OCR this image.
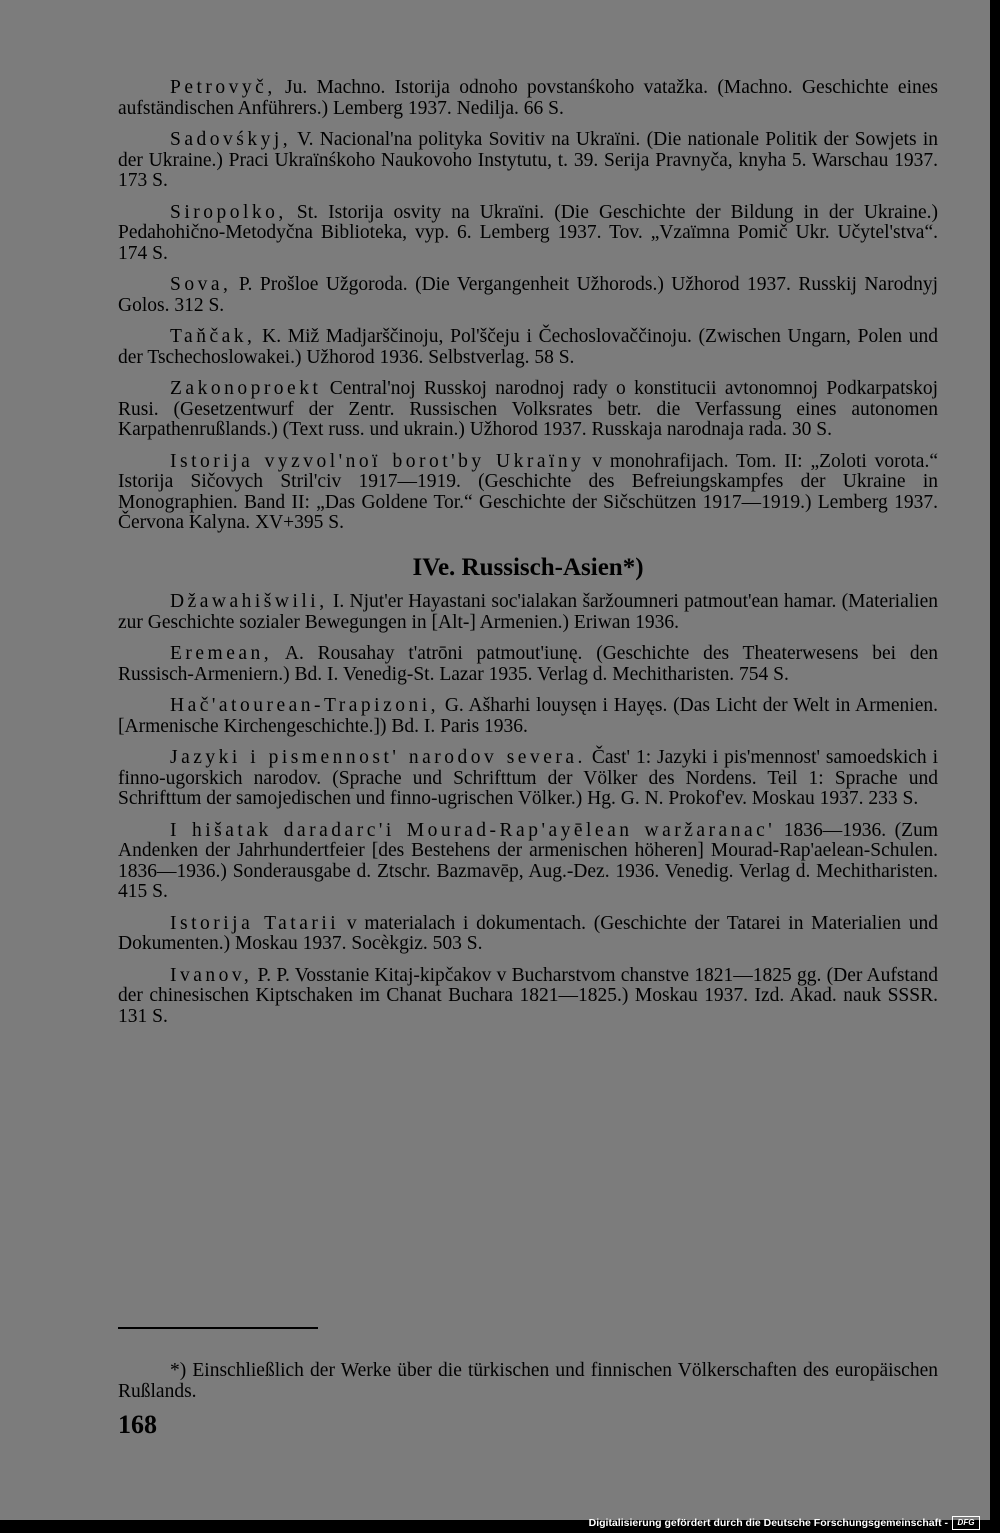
Petrovyč, Ju. Machno. Istorija odnoho povstanśkoho vatažka. (Machno. Geschichte eines aufständischen Anführers.) Lemberg 1937. Nedilja. 66 S.

Sadovśkyj, V. Nacional'na polityka Sovitiv na Ukraïni. (Die nationale Politik der Sowjets in der Ukraine.) Praci Ukraïnśkoho Naukovoho Instytutu, t. 39. Serija Pravnyča, knyha 5. Warschau 1937. 173 S.

Siropolko, St. Istorija osvity na Ukraïni. (Die Geschichte der Bildung in der Ukraine.) Pedahohično-Metodyčna Biblioteka, vyp. 6. Lemberg 1937. Tov. „Vzaïmna Pomič Ukr. Učytel'stva“. 174 S.

Sova, P. Prošloe Užgoroda. (Die Vergangenheit Užhorods.) Užhorod 1937. Russkij Narodnyj Golos. 312 S.

Taňčak, K. Miž Madjarščinoju, Pol'ščeju i Čechoslovaččinoju. (Zwischen Ungarn, Polen und der Tschechoslowakei.) Užhorod 1936. Selbstverlag. 58 S.

Zakonoproekt Central'noj Russkoj narodnoj rady o konstitucii avtonomnoj Podkarpatskoj Rusi. (Gesetzentwurf der Zentr. Russischen Volksrates betr. die Verfassung eines autonomen Karpathenrußlands.) (Text russ. und ukrain.) Užhorod 1937. Russkaja narodnaja rada. 30 S.

Istorija vyzvol'noï borot'by Ukraïny v monohrafijach. Tom. II: „Zoloti vorota.“ Istorija Sičovych Stril'civ 1917—1919. (Geschichte des Befreiungskampfes der Ukraine in Monographien. Band II: „Das Goldene Tor.“ Geschichte der Sičschützen 1917—1919.) Lemberg 1937. Červona Kalyna. XV+395 S.

IVe. Russisch-Asien*)

Džawahišwili, I. Njut'er Hayastani soc'ialakan šaržoumneri patmout'ean hamar. (Materialien zur Geschichte sozialer Bewegungen in [Alt-] Armenien.) Eriwan 1936.

Eremean, A. Rousahay t'atrōni patmout'iunę. (Geschichte des Theaterwesens bei den Russisch-Armeniern.) Bd. I. Venedig-St. Lazar 1935. Verlag d. Mechitharisten. 754 S.

Hač'atourean-Trapizoni, G. Ašharhi louysęn i Hayęs. (Das Licht der Welt in Armenien. [Armenische Kirchengeschichte.]) Bd. I. Paris 1936.

Jazyki i pismennost' narodov severa. Čast' 1: Jazyki i pis'mennost' samoedskich i finno-ugorskich narodov. (Sprache und Schrifttum der Völker des Nordens. Teil 1: Sprache und Schrifttum der samojedischen und finno-ugrischen Völker.) Hg. G. N. Prokof'ev. Moskau 1937. 233 S.

I hišatak daradarc'i Mourad-Rap'ayēlean waržaranac' 1836—1936. (Zum Andenken der Jahrhundertfeier [des Bestehens der armenischen höheren] Mourad-Rap'aelean-Schulen. 1836—1936.) Sonderausgabe d. Ztschr. Bazmavēp, Aug.-Dez. 1936. Venedig. Verlag d. Mechitharisten. 415 S.

Istorija Tatarii v materialach i dokumentach. (Geschichte der Tatarei in Materialien und Dokumenten.) Moskau 1937. Socèkgiz. 503 S.

Ivanov, P. P. Vosstanie Kitaj-kipčakov v Bucharstvom chanstve 1821—1825 gg. (Der Aufstand der chinesischen Kiptschaken im Chanat Buchara 1821—1825.) Moskau 1937. Izd. Akad. nauk SSSR. 131 S.

*) Einschließlich der Werke über die türkischen und finnischen Völkerschaften des europäischen Rußlands.

168
Digitalisierung gefördert durch die Deutsche Forschungsgemeinschaft -	DFG
